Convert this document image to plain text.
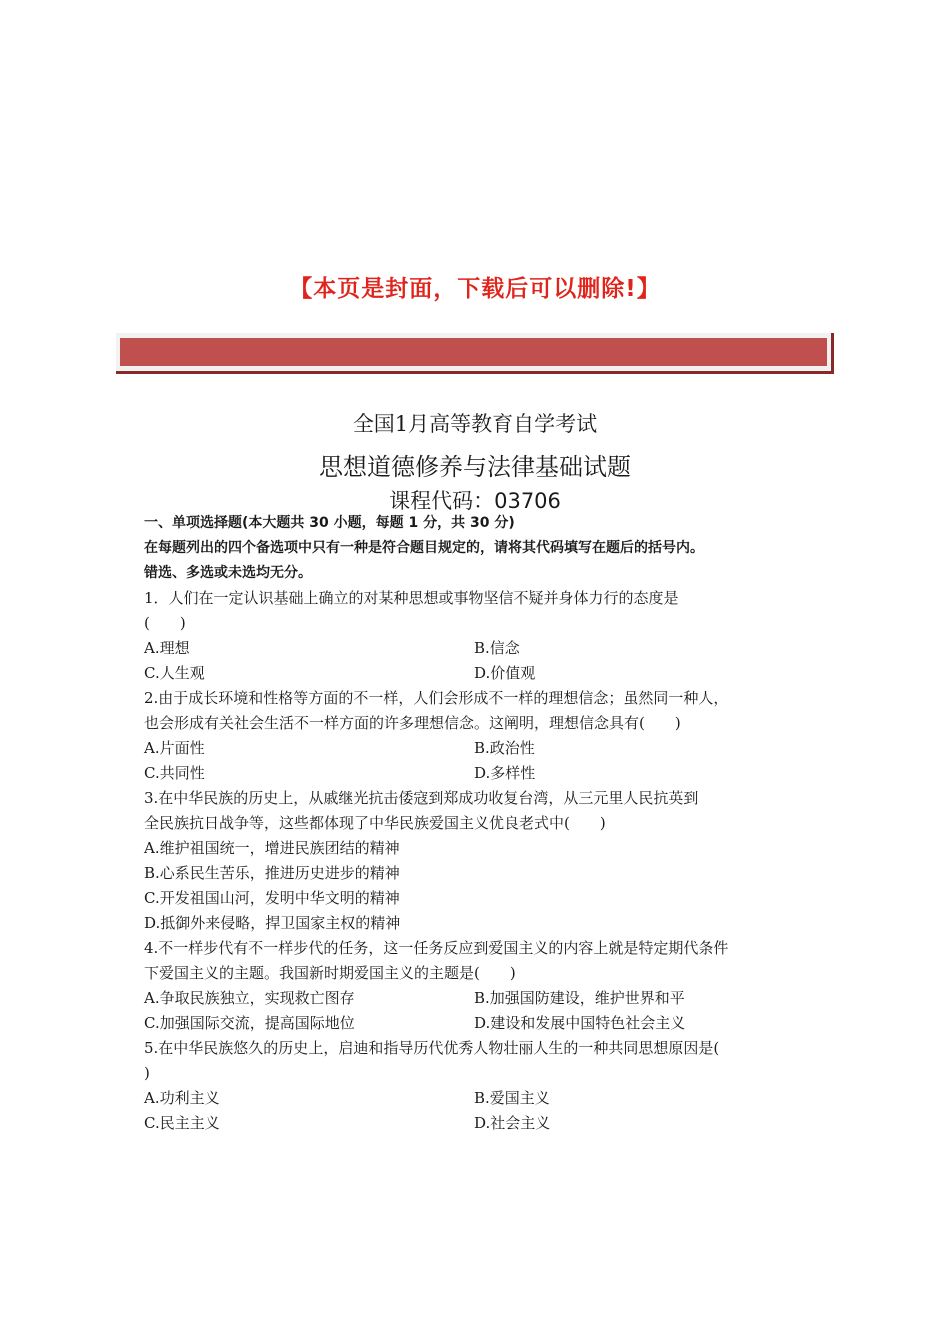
【本页是封面，下载后可以删除!】
全国1月高等教育自学考试
思想道德修养与法律基础试题
课程代码：03706
一、单项选择题(本大题共 30 小题，每题 1 分，共 30 分)
在每题列出的四个备选项中只有一种是符合题目规定的，请将其代码填写在题后的括号内。
错选、多选或未选均无分。
1．人们在一定认识基础上确立的对某种思想或事物坚信不疑并身体力行的态度是
(　　)
A.理想	B.信念
C.人生观	D.价值观
2.由于成长环境和性格等方面的不一样，人们会形成不一样的理想信念；虽然同一种人，
也会形成有关社会生活不一样方面的许多理想信念。这阐明，理想信念具有(　　)
A.片面性	B.政治性
C.共同性	D.多样性
3.在中华民族的历史上，从戚继光抗击倭寇到郑成功收复台湾，从三元里人民抗英到
全民族抗日战争等，这些都体现了中华民族爱国主义优良老式中(　　)
A.维护祖国统一，增进民族团结的精神
B.心系民生苦乐，推进历史进步的精神
C.开发祖国山河，发明中华文明的精神
D.抵御外来侵略，捍卫国家主权的精神
4.不一样步代有不一样步代的任务，这一任务反应到爱国主义的内容上就是特定期代条件
下爱国主义的主题。我国新时期爱国主义的主题是(　　)
A.争取民族独立，实现救亡图存	B.加强国防建设，维护世界和平
C.加强国际交流，提高国际地位	D.建设和发展中国特色社会主义
5.在中华民族悠久的历史上，启迪和指导历代优秀人物壮丽人生的一种共同思想原因是(
)
A.功利主义	B.爱国主义
C.民主主义	D.社会主义
